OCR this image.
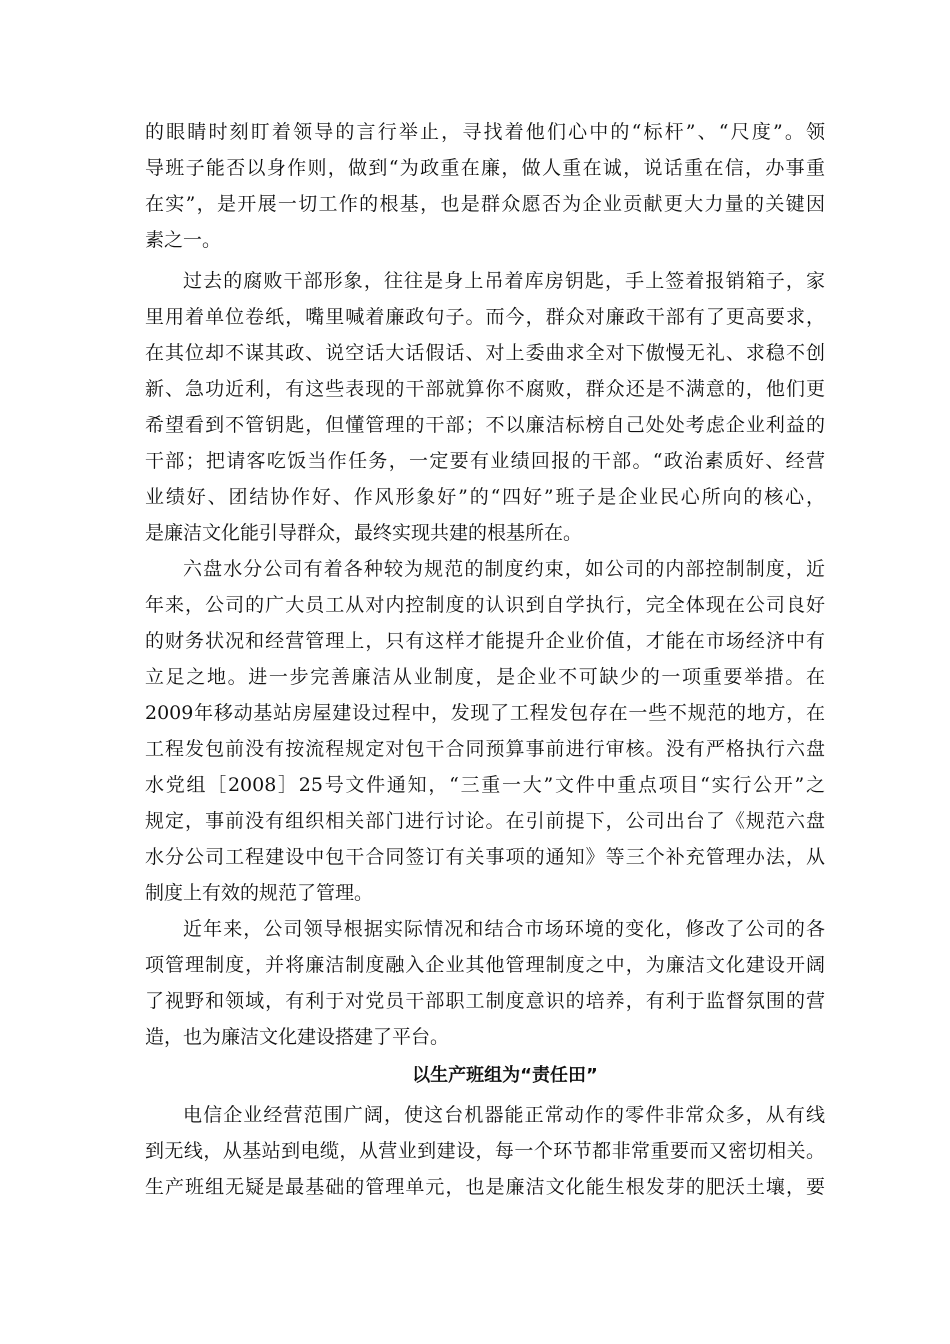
的眼睛时刻盯着领导的言行举止，寻找着他们心中的“标杆”、“尺度”。领
导班子能否以身作则，做到“为政重在廉，做人重在诚，说话重在信，办事重
在实”，是开展一切工作的根基，也是群众愿否为企业贡献更大力量的关键因
素之一。
过去的腐败干部形象，往往是身上吊着库房钥匙，手上签着报销箱子，家
里用着单位卷纸，嘴里喊着廉政句子。而今，群众对廉政干部有了更高要求，
在其位却不谋其政、说空话大话假话、对上委曲求全对下傲慢无礼、求稳不创
新、急功近利，有这些表现的干部就算你不腐败，群众还是不满意的，他们更
希望看到不管钥匙，但懂管理的干部；不以廉洁标榜自己处处考虑企业利益的
干部；把请客吃饭当作任务，一定要有业绩回报的干部。“政治素质好、经营
业绩好、团结协作好、作风形象好”的“四好”班子是企业民心所向的核心，
是廉洁文化能引导群众，最终实现共建的根基所在。
六盘水分公司有着各种较为规范的制度约束，如公司的内部控制制度，近
年来，公司的广大员工从对内控制度的认识到自学执行，完全体现在公司良好
的财务状况和经营管理上，只有这样才能提升企业价值，才能在市场经济中有
立足之地。进一步完善廉洁从业制度，是企业不可缺少的一项重要举措。在
2009年移动基站房屋建设过程中，发现了工程发包存在一些不规范的地方，在
工程发包前没有按流程规定对包干合同预算事前进行审核。没有严格执行六盘
水党组［2008］25号文件通知，“三重一大”文件中重点项目“实行公开”之
规定，事前没有组织相关部门进行讨论。在引前提下，公司出台了《规范六盘
水分公司工程建设中包干合同签订有关事项的通知》等三个补充管理办法，从
制度上有效的规范了管理。
近年来，公司领导根据实际情况和结合市场环境的变化，修改了公司的各
项管理制度，并将廉洁制度融入企业其他管理制度之中，为廉洁文化建设开阔
了视野和领域，有利于对党员干部职工制度意识的培养，有利于监督氛围的营
造，也为廉洁文化建设搭建了平台。
以生产班组为“责任田”
电信企业经营范围广阔，使这台机器能正常动作的零件非常众多，从有线
到无线，从基站到电缆，从营业到建设，每一个环节都非常重要而又密切相关。
生产班组无疑是最基础的管理单元，也是廉洁文化能生根发芽的肥沃土壤，要
